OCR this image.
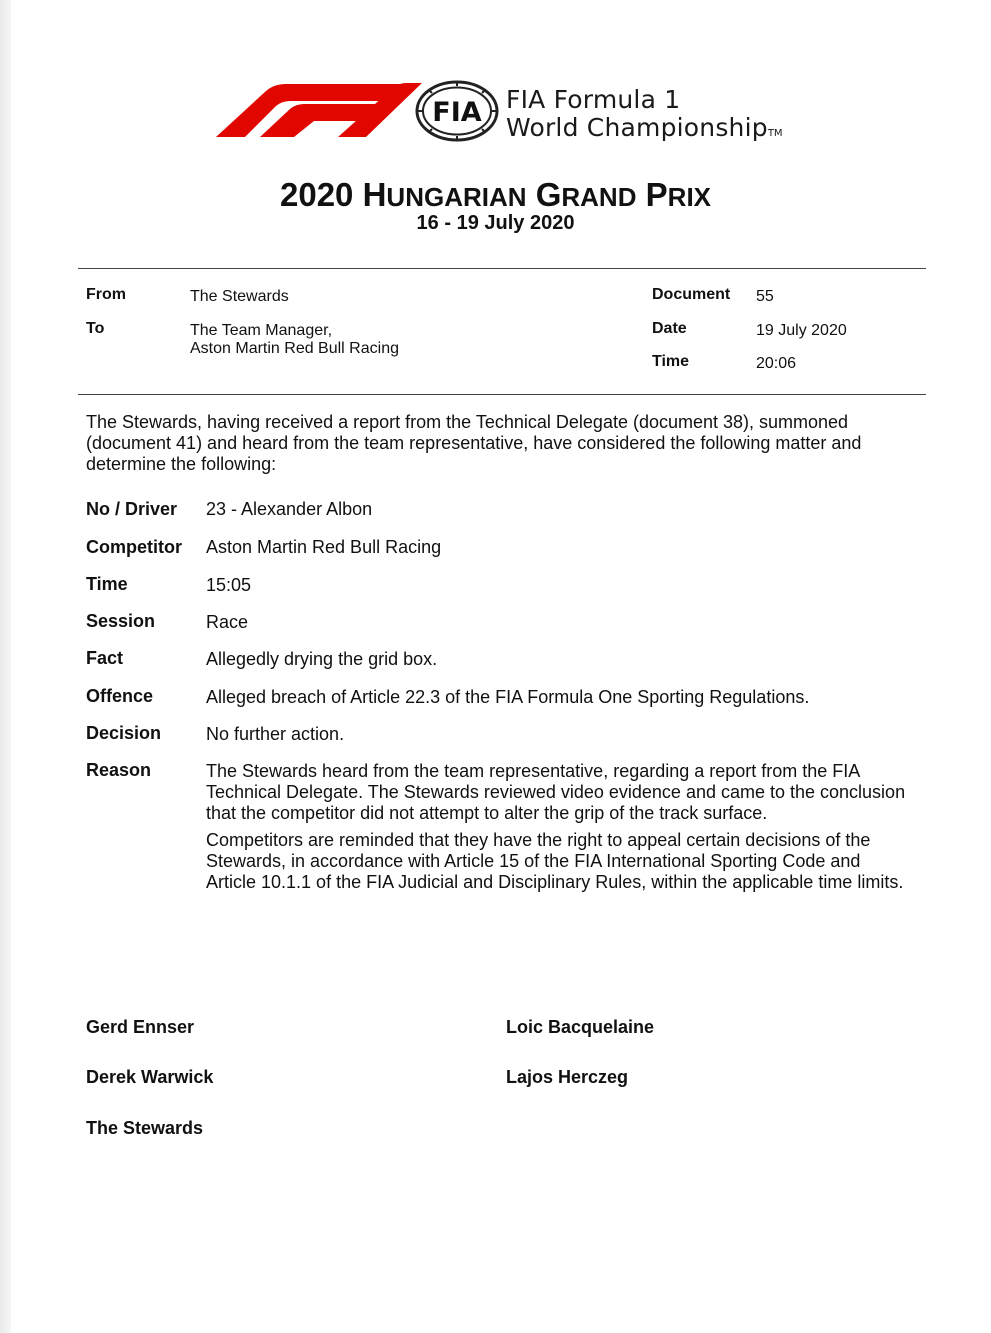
FIA FIA Formula 1
World ChampionshipTM
2020 HUNGARIAN GRAND PRIX
16 - 19 July 2020
From	The Stewards
To	The Team Manager,
Aston Martin Red Bull Racing
Document 55
Date	19 July 2020
Time	20:06
The Stewards, having received a report from the Technical Delegate (document 38), summoned (document 41) and heard from the team representative, have considered the following matter and determine the following:
No / Driver 23 - Alexander Albon
Competitor Aston Martin Red Bull Racing
Time	15:05
Session	Race
Fact	Allegedly drying the grid box.
Offence	Alleged breach of Article 22.3 of the FIA Formula One Sporting Regulations.
Decision No further action.
Reason	The Stewards heard from the team representative, regarding a report from the FIA Technical Delegate. The Stewards reviewed video evidence and came to the conclusion that the competitor did not attempt to alter the grip of the track surface.
Competitors are reminded that they have the right to appeal certain decisions of the Stewards, in accordance with Article 15 of the FIA International Sporting Code and Article 10.1.1 of the FIA Judicial and Disciplinary Rules, within the applicable time limits.
Gerd Ennser	Loic Bacquelaine
Derek Warwick	Lajos Herczeg
The Stewards
